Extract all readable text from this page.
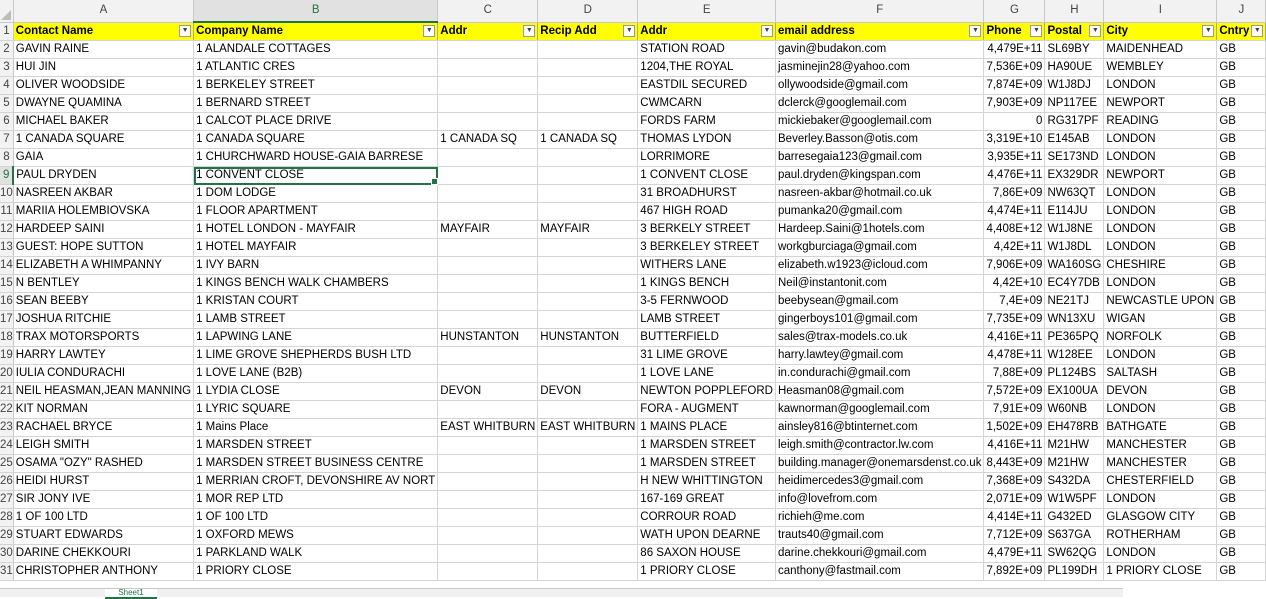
	A	B	C	D	E	F	G	H	I	J
1	Contact Name ▼	Company Name ▼	Addr ▼	Recip Add ▼	Addr ▼	email address ▼	Phone ▼	Postal ▼	City ▼	Cntry ▼

2	GAVIN RAINE	1 ALANDALE COTTAGES			STATION ROAD	gavin@budakon.com	4,479E+11	SL69BY	MAIDENHEAD	GB
3	HUI JIN	1 ATLANTIC CRES			1204,THE ROYAL	jasminejin28@yahoo.com	7,536E+09	HA90UE	WEMBLEY	GB
4	OLIVER WOODSIDE	1 BERKELEY STREET			EASTDIL SECURED	ollywoodside@gmail.com	7,874E+09	W1J8DJ	LONDON	GB
5	DWAYNE QUAMINA	1 BERNARD STREET			CWMCARN	dclerck@googlemail.com	7,903E+09	NP117EE	NEWPORT	GB
6	MICHAEL BAKER	1 CALCOT PLACE DRIVE			FORDS FARM	mickiebaker@googlemail.com	0	RG317PF	READING	GB
7	1 CANADA SQUARE	1 CANADA SQUARE	1 CANADA SQ	1 CANADA SQ	THOMAS LYDON	Beverley.Basson@otis.com	3,319E+10	E145AB	LONDON	GB
8	GAIA	1 CHURCHWARD HOUSE-GAIA BARRESE			LORRIMORE	barresegaia123@gmail.com	3,935E+11	SE173ND	LONDON	GB
9	PAUL DRYDEN	1 CONVENT CLOSE			1 CONVENT CLOSE	paul.dryden@kingspan.com	4,476E+11	EX329DR	NEWPORT	GB
10	NASREEN AKBAR	1 DOM LODGE			31 BROADHURST	nasreen-akbar@hotmail.co.uk	7,86E+09	NW63QT	LONDON	GB
11	MARIIA HOLEMBIOVSKA	1 FLOOR APARTMENT			467 HIGH ROAD	pumanka20@gmail.com	4,474E+11	E114JU	LONDON	GB
12	HARDEEP SAINI	1 HOTEL LONDON - MAYFAIR	MAYFAIR	MAYFAIR	3 BERKELY STREET	Hardeep.Saini@1hotels.com	4,408E+12	W1J8NE	LONDON	GB
13	GUEST: HOPE SUTTON	1 HOTEL MAYFAIR			3 BERKELEY STREET	workgburciaga@gmail.com	4,42E+11	W1J8DL	LONDON	GB
14	ELIZABETH A WHIMPANNY	1 IVY BARN			WITHERS LANE	elizabeth.w1923@icloud.com	7,906E+09	WA160SG	CHESHIRE	GB
15	N BENTLEY	1 KINGS BENCH WALK CHAMBERS			1 KINGS BENCH	Neil@instantonit.com	4,42E+10	EC4Y7DB	LONDON	GB
16	SEAN BEEBY	1 KRISTAN COURT			3-5 FERNWOOD	beebysean@gmail.com	7,4E+09	NE21TJ	NEWCASTLE UPON	GB
17	JOSHUA RITCHIE	1 LAMB STREET			LAMB STREET	gingerboys101@gmail.com	7,735E+09	WN13XU	WIGAN	GB
18	TRAX MOTORSPORTS	1 LAPWING LANE	HUNSTANTON	HUNSTANTON	BUTTERFIELD	sales@trax-models.co.uk	4,416E+11	PE365PQ	NORFOLK	GB
19	HARRY LAWTEY	1 LIME GROVE SHEPHERDS BUSH LTD			31 LIME GROVE	harry.lawtey@gmail.com	4,478E+11	W128EE	LONDON	GB
20	IULIA CONDURACHI	1 LOVE LANE (B2B)			1 LOVE LANE	in.condurachi@gmail.com	7,88E+09	PL124BS	SALTASH	GB
21	NEIL HEASMAN,JEAN MANNING	1 LYDIA CLOSE	DEVON	DEVON	NEWTON POPPLEFORD	Heasman08@gmail.com	7,572E+09	EX100UA	DEVON	GB
22	KIT NORMAN	1 LYRIC SQUARE			FORA - AUGMENT	kawnorman@googlemail.com	7,91E+09	W60NB	LONDON	GB
23	RACHAEL BRYCE	1 Mains Place	EAST WHITBURN	EAST WHITBURN	1 MAINS PLACE	ainsley816@btinternet.com	1,502E+09	EH478RB	BATHGATE	GB
24	LEIGH SMITH	1 MARSDEN STREET			1 MARSDEN STREET	leigh.smith@contractor.lw.com	4,416E+11	M21HW	MANCHESTER	GB
25	OSAMA "OZY" RASHED	1 MARSDEN STREET BUSINESS CENTRE			1 MARSDEN STREET	building.manager@onemarsdenst.co.uk	8,443E+09	M21HW	MANCHESTER	GB
26	HEIDI HURST	1 MERRIAN CROFT, DEVONSHIRE AV NORT			H NEW WHITTINGTON	heidimercedes3@gmail.com	7,368E+09	S432DA	CHESTERFIELD	GB
27	SIR JONY IVE	1 MOR REP LTD			167-169 GREAT	info@lovefrom.com	2,071E+09	W1W5PF	LONDON	GB
28	1 OF 100 LTD	1 OF 100 LTD			CORROUR ROAD	richieh@me.com	4,414E+11	G432ED	GLASGOW CITY	GB
29	STUART EDWARDS	1 OXFORD MEWS			WATH UPON DEARNE	trauts40@gmail.com	7,712E+09	S637GA	ROTHERHAM	GB
30	DARINE CHEKKOURI	1 PARKLAND WALK			86 SAXON HOUSE	darine.chekkouri@gmail.com	4,479E+11	SW62QG	LONDON	GB
31	CHRISTOPHER ANTHONY	1 PRIORY CLOSE			1 PRIORY CLOSE	canthony@fastmail.com	7,892E+09	PL199DH	1 PRIORY CLOSE	GB
Sheet1
